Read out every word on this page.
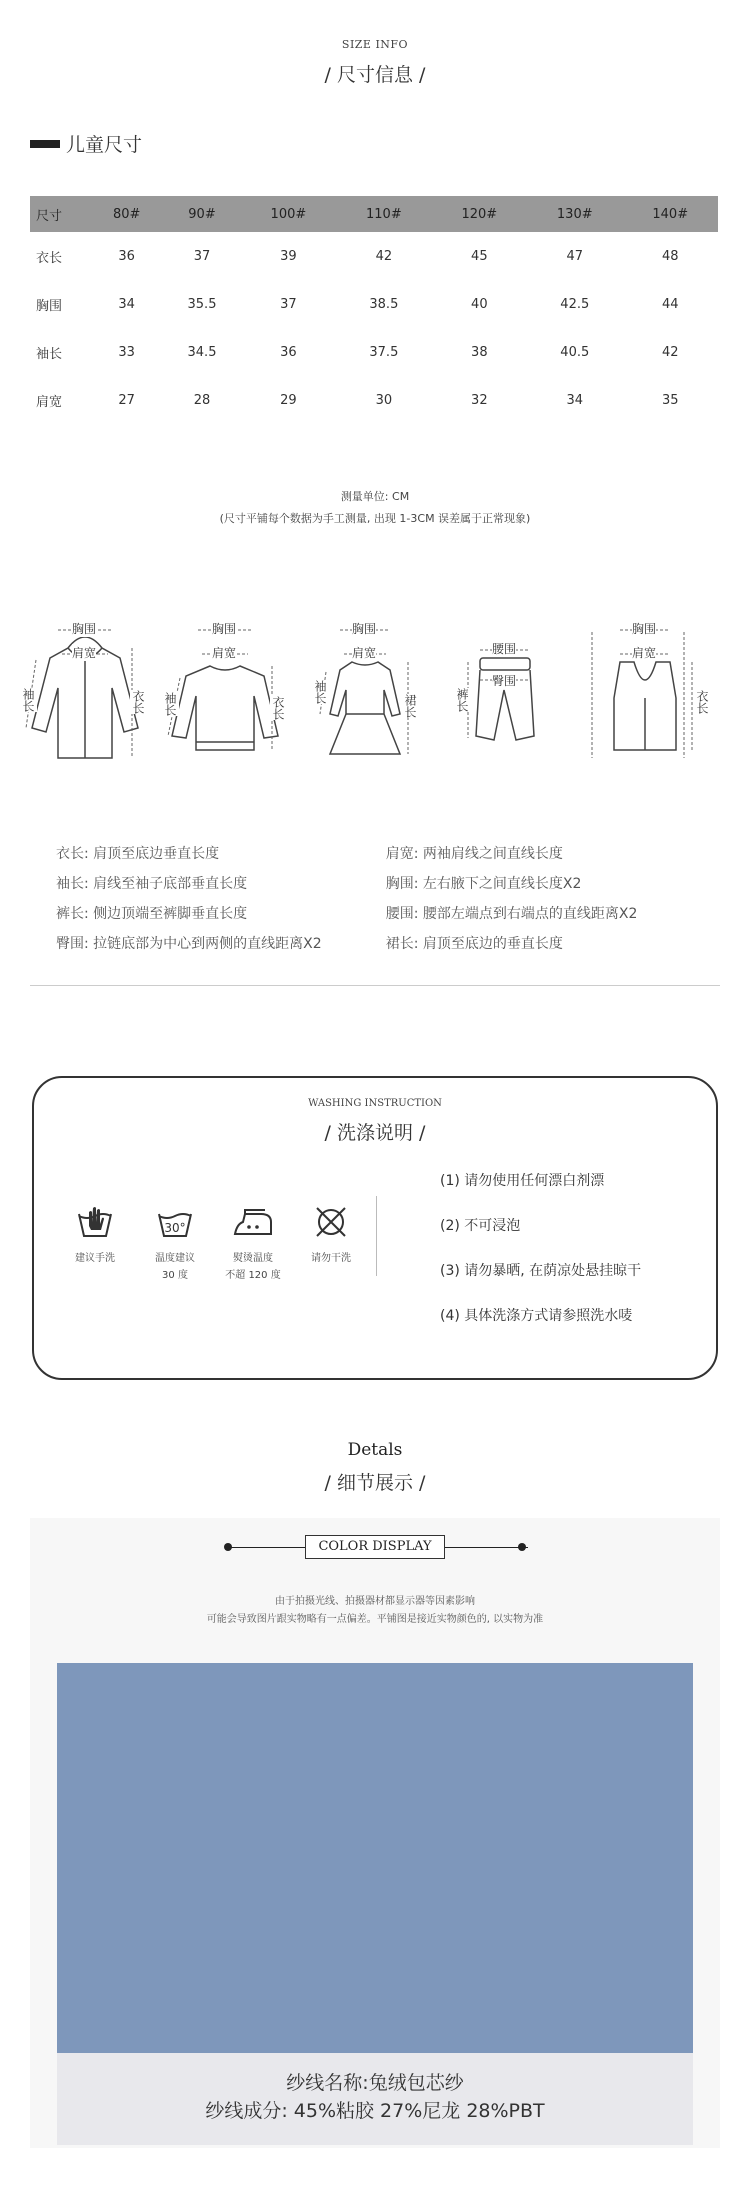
SIZE INFO
/ 尺寸信息 /
儿童尺寸
尺寸	80#	90#	100#	110#	120#	130#	140#
衣长	36	37	39	42	45	47	48
胸围	34	35.5	37	38.5	40	42.5	44
袖长	33	34.5	36	37.5	38	40.5	42
肩宽	27	28	29	30	32	34	35
测量单位: CM
(尺寸平铺每个数据为手工测量, 出现 1-3CM 误差属于正常现象)
胸围
肩宽
袖长	衣长
胸围
肩宽
袖长	衣长
胸围
肩宽
袖长
裙长
腰围
臀围
裤长
胸围
肩宽
衣长
衣长: 肩顶至底边垂直长度	肩宽: 两袖肩线之间直线长度
袖长: 肩线至袖子底部垂直长度	胸围: 左右腋下之间直线长度X2
裤长: 侧边顶端至裤脚垂直长度	腰围: 腰部左端点到右端点的直线距离X2
臀围: 拉链底部为中心到两侧的直线距离X2	裙长: 肩顶至底边的垂直长度
WASHING INSTRUCTION
/ 洗涤说明 /
建议手洗
30°
温度建议
30 度
熨烫温度
不超 120 度
请勿干洗
(1) 请勿使用任何漂白剂漂
(2) 不可浸泡
(3) 请勿暴晒, 在荫凉处悬挂晾干
(4) 具体洗涤方式请参照洗水唛
Detals
/ 细节展示 /
COLOR DISPLAY
由于拍摄光线、拍摄器材都显示器等因素影响
可能会导致图片跟实物略有一点偏差。平铺图是接近实物颜色的, 以实物为准
纱线名称:兔绒包芯纱
纱线成分: 45%粘胶 27%尼龙 28%PBT
